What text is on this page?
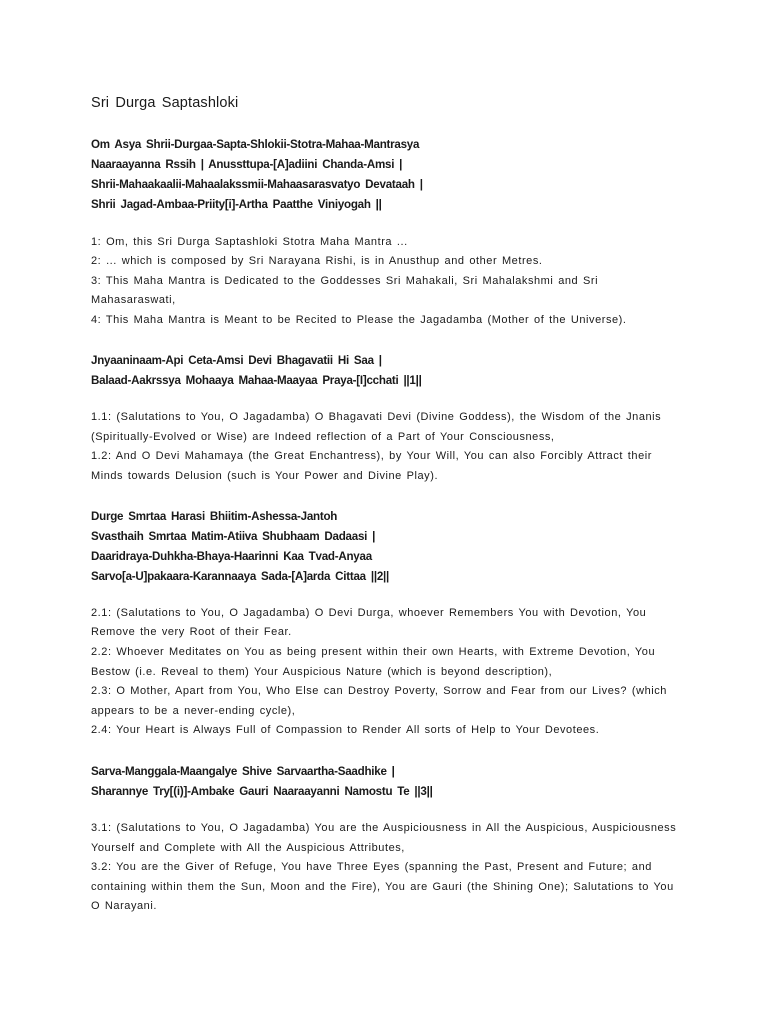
Sri Durga Saptashloki
Om Asya Shrii-Durgaa-Sapta-Shlokii-Stotra-Mahaa-Mantrasya
Naaraayanna Rssih | Anussttupa-[A]adiini Chanda-Amsi |
Shrii-Mahaakaalii-Mahaalakssmii-Mahaasarasvatyo Devataah |
Shrii Jagad-Ambaa-Priity[i]-Artha Paatthe Viniyogah ||
1: Om, this Sri Durga Saptashloki Stotra Maha Mantra ...
2: ... which is composed by Sri Narayana Rishi, is in Anusthup and other Metres.
3: This Maha Mantra is Dedicated to the Goddesses Sri Mahakali, Sri Mahalakshmi and Sri
Mahasaraswati,
4: This Maha Mantra is Meant to be Recited to Please the Jagadamba (Mother of the Universe).
Jnyaaninaam-Api Ceta-Amsi Devi Bhagavatii Hi Saa |
Balaad-Aakrssya Mohaaya Mahaa-Maayaa Praya-[I]cchati ||1||
1.1: (Salutations to You, O Jagadamba) O Bhagavati Devi (Divine Goddess), the Wisdom of the Jnanis
(Spiritually-Evolved or Wise) are Indeed reflection of a Part of Your Consciousness,
1.2: And O Devi Mahamaya (the Great Enchantress), by Your Will, You can also Forcibly Attract their
Minds towards Delusion (such is Your Power and Divine Play).
Durge Smrtaa Harasi Bhiitim-Ashessa-Jantoh
Svasthaih Smrtaa Matim-Atiiva Shubhaam Dadaasi |
Daaridraya-Duhkha-Bhaya-Haarinni Kaa Tvad-Anyaa
Sarvo[a-U]pakaara-Karannaaya Sada-[A]arda Cittaa ||2||
2.1: (Salutations to You, O Jagadamba) O Devi Durga, whoever Remembers You with Devotion, You
Remove the very Root of their Fear.
2.2: Whoever Meditates on You as being present within their own Hearts, with Extreme Devotion, You
Bestow (i.e. Reveal to them) Your Auspicious Nature (which is beyond description),
2.3: O Mother, Apart from You, Who Else can Destroy Poverty, Sorrow and Fear from our Lives? (which
appears to be a never-ending cycle),
2.4: Your Heart is Always Full of Compassion to Render All sorts of Help to Your Devotees.
Sarva-Manggala-Maangalye Shive Sarvaartha-Saadhike |
Sharannye Try[(i)]-Ambake Gauri Naaraayanni Namostu Te ||3||
3.1: (Salutations to You, O Jagadamba) You are the Auspiciousness in All the Auspicious, Auspiciousness
Yourself and Complete with All the Auspicious Attributes,
3.2: You are the Giver of Refuge, You have Three Eyes (spanning the Past, Present and Future; and
containing within them the Sun, Moon and the Fire), You are Gauri (the Shining One); Salutations to You
O Narayani.
